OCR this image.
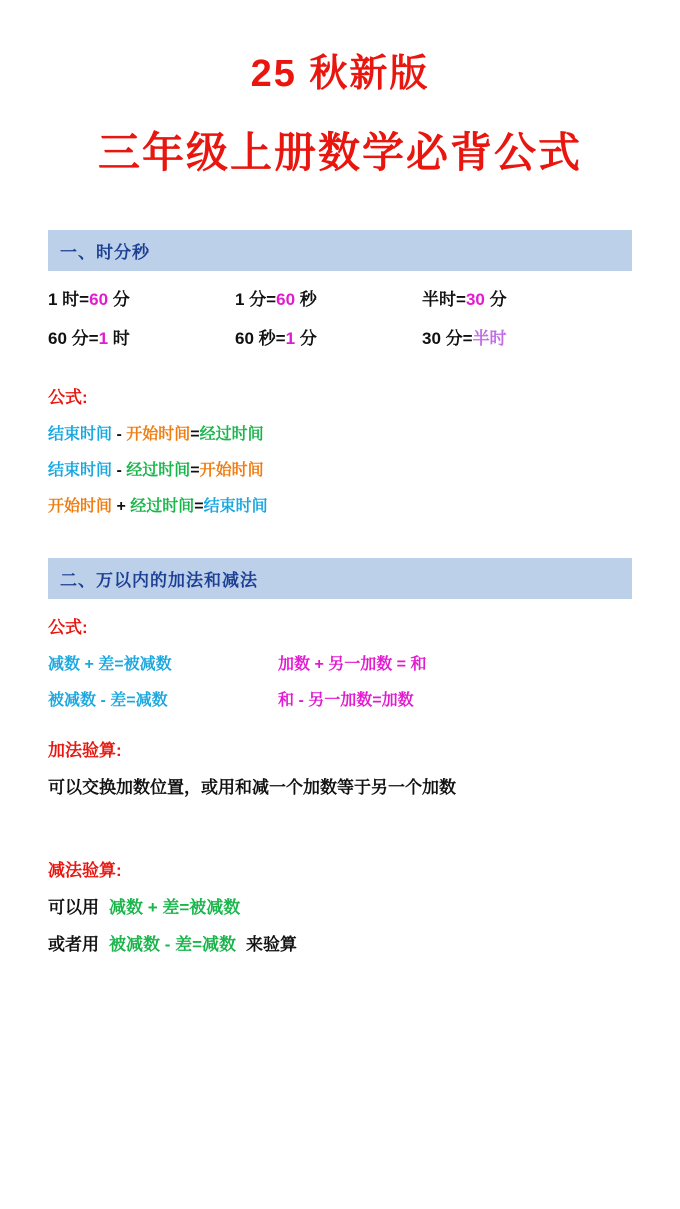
25 秋新版
三年级上册数学必背公式
一、时分秒
1 时=60 分	1 分=60 秒	半时=30 分
60 分=1 时	60 秒=1 分	30 分=半时
公式:
结束时间 - 开始时间=经过时间
结束时间 - 经过时间=开始时间
开始时间 + 经过时间=结束时间
二、万以内的加法和减法
公式:
减数 + 差=被减数	加数 + 另一加数 = 和
被减数 - 差=减数	和 - 另一加数=加数
加法验算:
可以交换加数位置，或用和减一个加数等于另一个加数
减法验算:
可以用 减数 + 差=被减数
或者用 被减数 - 差=减数 来验算
